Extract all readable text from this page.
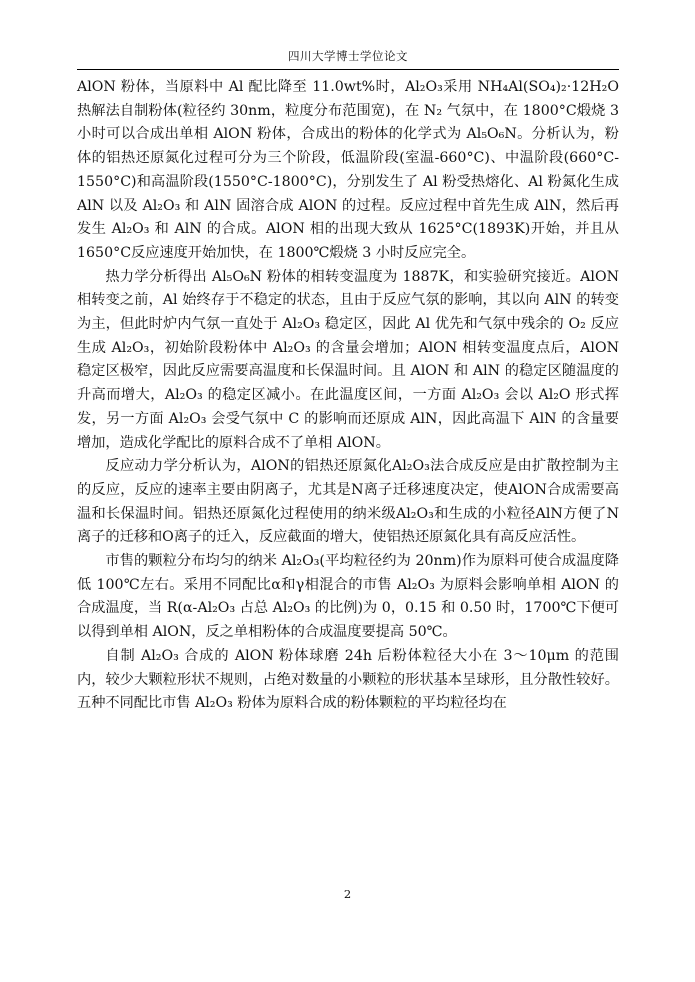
四川大学博士学位论文

AlON 粉体，当原料中 Al 配比降至 11.0wt%时，Al₂O₃采用 NH₄Al(SO₄)₂·12H₂O 热解法自制粉体(粒径约 30nm，粒度分布范围宽)，在 N₂ 气氛中，在 1800°C煅烧 3 小时可以合成出单相 AlON 粉体，合成出的粉体的化学式为 Al₅O₆N。分析认为，粉体的铝热还原氮化过程可分为三个阶段，低温阶段(室温-660°C)、中温阶段(660°C-1550°C)和高温阶段(1550°C-1800°C)，分别发生了 Al 粉受热熔化、Al 粉氮化生成 AlN 以及 Al₂O₃ 和 AlN 固溶合成 AlON 的过程。反应过程中首先生成 AlN，然后再发生 Al₂O₃ 和 AlN 的合成。AlON 相的出现大致从 1625°C(1893K)开始，并且从 1650°C反应速度开始加快，在 1800℃煅烧 3 小时反应完全。

热力学分析得出 Al₅O₆N 粉体的相转变温度为 1887K，和实验研究接近。AlON 相转变之前，Al 始终存于不稳定的状态，且由于反应气氛的影响，其以向 AlN 的转变为主，但此时炉内气氛一直处于 Al₂O₃ 稳定区，因此 Al 优先和气氛中残余的 O₂ 反应生成 Al₂O₃，初始阶段粉体中 Al₂O₃ 的含量会增加；AlON 相转变温度点后，AlON 稳定区极窄，因此反应需要高温度和长保温时间。且 AlON 和 AlN 的稳定区随温度的升高而增大，Al₂O₃ 的稳定区减小。在此温度区间，一方面 Al₂O₃ 会以 Al₂O 形式挥发，另一方面 Al₂O₃ 会受气氛中 C 的影响而还原成 AlN，因此高温下 AlN 的含量要增加，造成化学配比的原料合成不了单相 AlON。

反应动力学分析认为，AlON的铝热还原氮化Al₂O₃法合成反应是由扩散控制为主的反应，反应的速率主要由阴离子，尤其是N离子迁移速度决定，使AlON合成需要高温和长保温时间。铝热还原氮化过程使用的纳米级Al₂O₃和生成的小粒径AlN方便了N离子的迁移和O离子的迁入，反应截面的增大，使铝热还原氮化具有高反应活性。

市售的颗粒分布均匀的纳米 Al₂O₃(平均粒径约为 20nm)作为原料可使合成温度降低 100℃左右。采用不同配比α和γ相混合的市售 Al₂O₃ 为原料会影响单相 AlON 的合成温度，当 R(α-Al₂O₃ 占总 Al₂O₃ 的比例)为 0，0.15 和 0.50 时，1700℃下便可以得到单相 AlON，反之单相粉体的合成温度要提高 50℃。

自制 Al₂O₃ 合成的 AlON 粉体球磨 24h 后粉体粒径大小在 3～10μm 的范围内，较少大颗粒形状不规则，占绝对数量的小颗粒的形状基本呈球形，且分散性较好。五种不同配比市售 Al₂O₃ 粉体为原料合成的粉体颗粒的平均粒径均在

2
